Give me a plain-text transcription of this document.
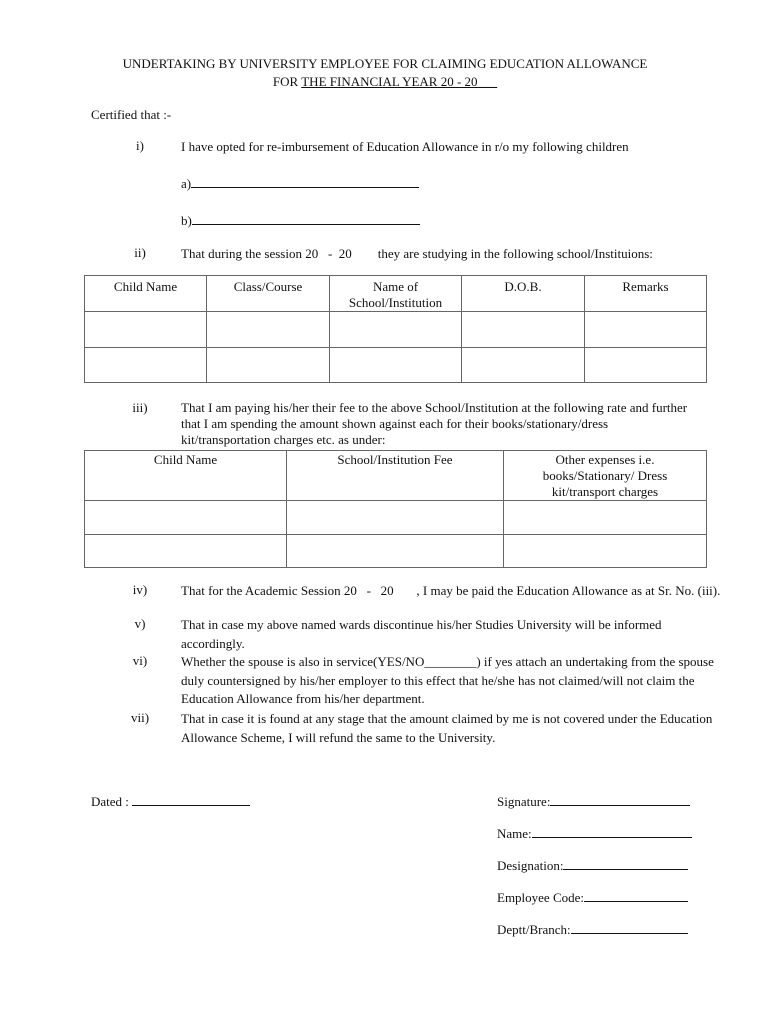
UNDERTAKING BY UNIVERSITY EMPLOYEE FOR CLAIMING EDUCATION ALLOWANCE
FOR THE FINANCIAL YEAR 20 - 20___
Certified that :-
i)	I have opted for re-imbursement of Education Allowance in r/o my following children
a)
b)
ii)	That during the session 20   -  20        they are studying in the following school/Instituions:
Child Name	Class/Course	Name of School/Institution	D.O.B.	Remarks

iii)	That I am paying his/her their fee to the above School/Institution at the following rate and further that I am spending the amount shown against each for their books/stationary/dress kit/transportation charges etc. as under:
Child Name	School/Institution Fee	Other expenses i.e. books/Stationary/ Dress kit/transport charges

iv)	That for the Academic Session 20   -   20       , I may be paid the Education Allowance as at Sr. No. (iii).
v)	That in case my above named wards discontinue his/her Studies University will be informed accordingly.
vi)	Whether the spouse is also in service(YES/NO________) if yes attach an undertaking from the spouse duly countersigned by his/her employer to this effect that he/she has not claimed/will not claim the Education Allowance from his/her department.
vii)	That in case it is found at any stage that the amount claimed by me is not covered under the Education Allowance Scheme, I will refund the same to the University.
Dated :	Signature:
Name:
Designation:
Employee Code:
Deptt/Branch:
